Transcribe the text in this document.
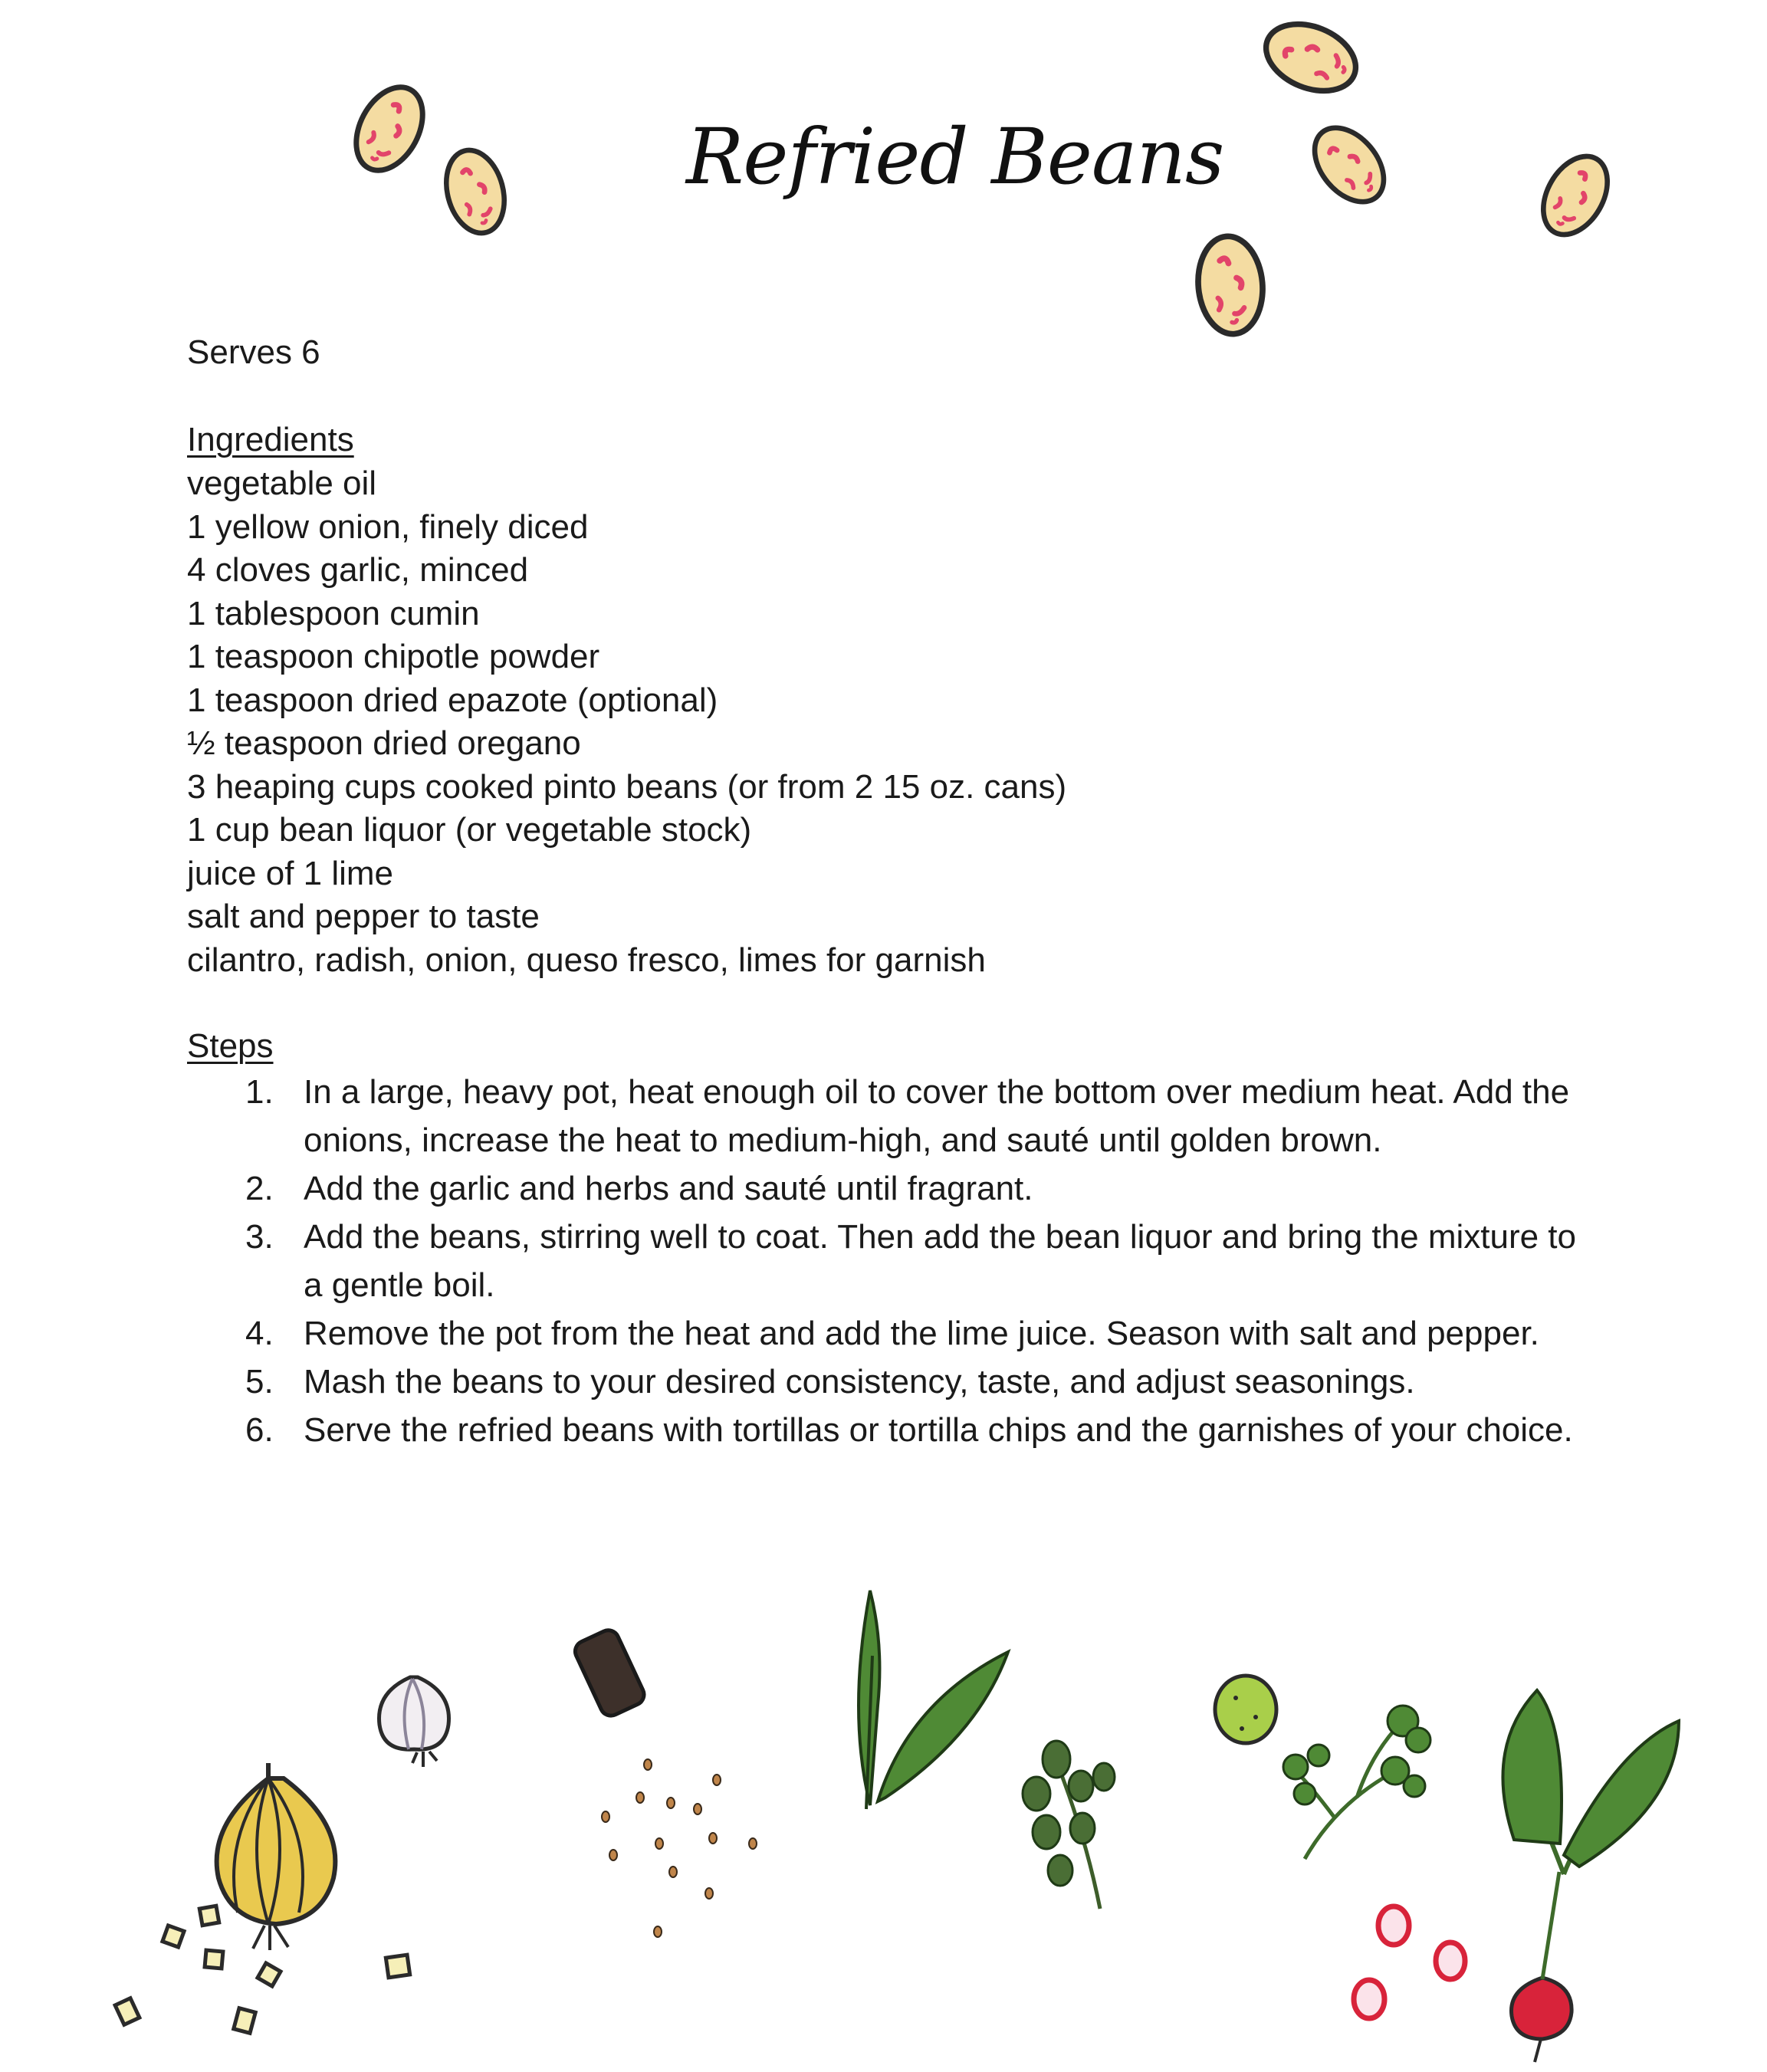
Refried Beans
Serves 6
Ingredients
vegetable oil
1 yellow onion, finely diced
4 cloves garlic, minced
1 tablespoon cumin
1 teaspoon chipotle powder
1 teaspoon dried epazote (optional)
½ teaspoon dried oregano
3 heaping cups cooked pinto beans (or from 2 15 oz. cans)
1 cup bean liquor (or vegetable stock)
juice of 1 lime
salt and pepper to taste
cilantro, radish, onion, queso fresco, limes for garnish
Steps
1. In a large, heavy pot, heat enough oil to cover the bottom over medium heat. Add the onions, increase the heat to medium-high, and sauté until golden brown.
2. Add the garlic and herbs and sauté until fragrant.
3. Add the beans, stirring well to coat. Then add the bean liquor and bring the mixture to a gentle boil.
4. Remove the pot from the heat and add the lime juice. Season with salt and pepper.
5. Mash the beans to your desired consistency, taste, and adjust seasonings.
6. Serve the refried beans with tortillas or tortilla chips and the garnishes of your choice.
